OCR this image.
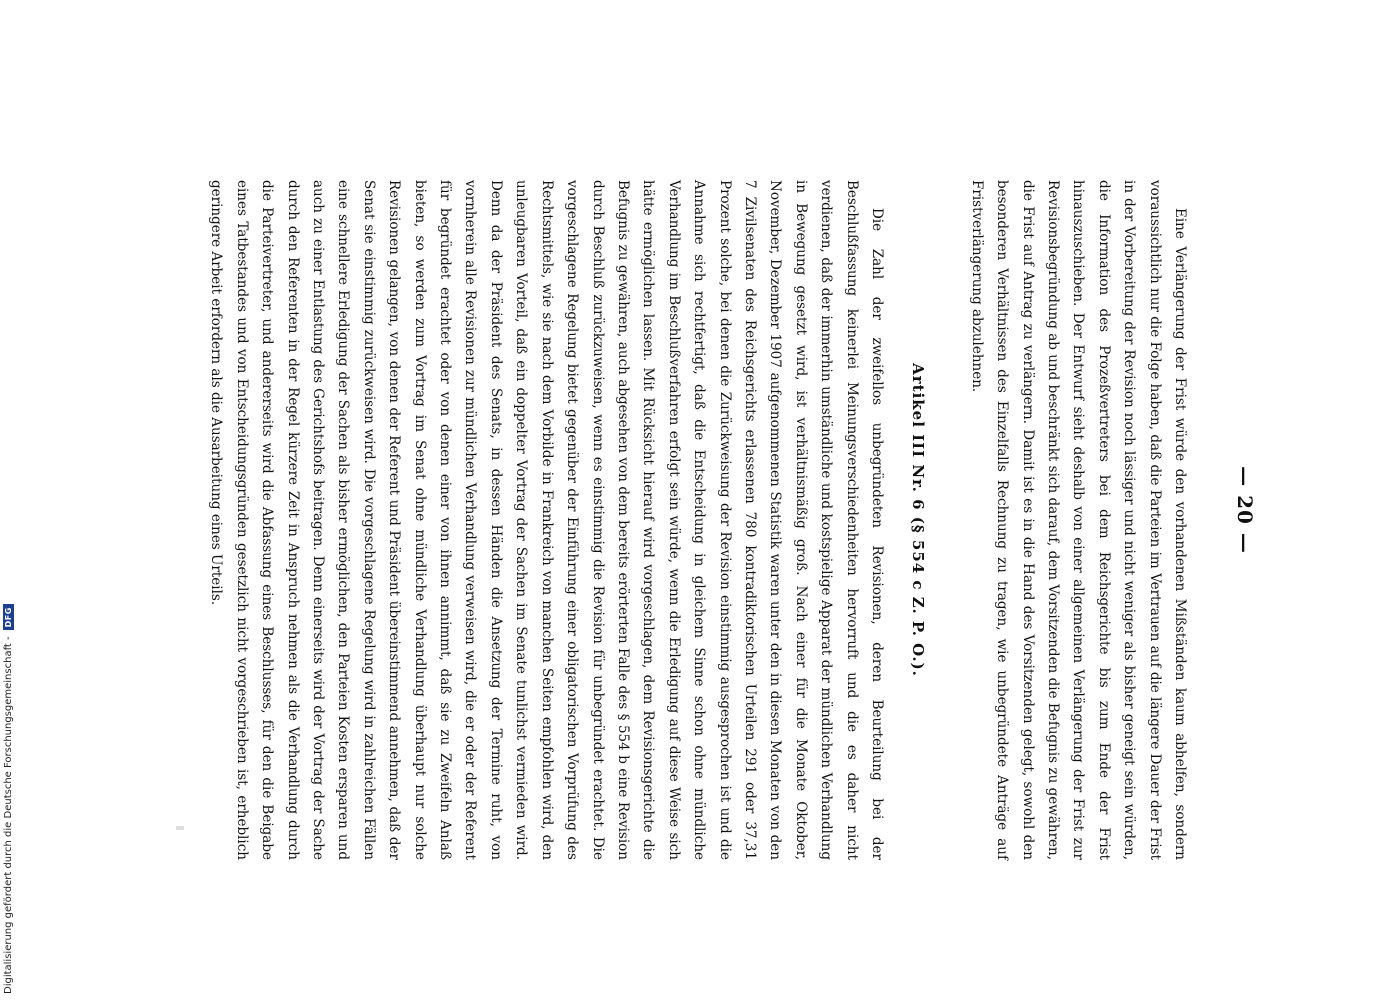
— 20 —

Eine Verlängerung der Frist würde den vorhandenen Mißständen kaum abhelfen, sondern voraussichtlich nur die Folge haben, daß die Parteien im Vertrauen auf die längere Dauer der Frist in der Vorbereitung der Revision noch lässiger und nicht weniger als bisher geneigt sein würden, die Information des Prozeßvertreters bei dem Reichsgerichte bis zum Ende der Frist hinauszuschieben. Der Entwurf sieht deshalb von einer allgemeinen Verlängerung der Frist zur Revisionsbegründung ab und beschränkt sich darauf, dem Vorsitzenden die Befugnis zu gewähren, die Frist auf Antrag zu verlängern. Damit ist es in die Hand des Vorsitzenden gelegt, sowohl den besonderen Verhältnissen des Einzelfalls Rechnung zu tragen, wie unbegründete Anträge auf Fristverlängerung abzulehnen.

Artikel III Nr. 6 (§ 554 c Z. P. O.).

Die Zahl der zweifellos unbegründeten Revisionen, deren Beurteilung bei der Beschlußfassung keinerlei Meinungsverschiedenheiten hervorruft und die es daher nicht verdienen, daß der immerhin umständliche und kostspielige Apparat der mündlichen Verhandlung in Bewegung gesetzt wird, ist verhältnismäßig groß. Nach einer für die Monate Oktober, November, Dezember 1907 aufgenommenen Statistik waren unter den in diesen Monaten von den 7 Zivilsenaten des Reichsgerichts erlassenen 780 kontradiktorischen Urteilen 291 oder 37,31 Prozent solche, bei denen die Zurückweisung der Revision einstimmig ausgesprochen ist und die Annahme sich rechtfertigt, daß die Entscheidung in gleichem Sinne schon ohne mündliche Verhandlung im Beschlußverfahren erfolgt sein würde, wenn die Erledigung auf diese Weise sich hätte ermöglichen lassen. Mit Rücksicht hierauf wird vorgeschlagen, dem Revisionsgerichte die Befugnis zu gewähren, auch abgesehen von dem bereits erörterten Falle des § 554 b eine Revision durch Beschluß zurückzuweisen, wenn es einstimmig die Revision für unbegründet erachtet. Die vorgeschlagene Regelung bietet gegenüber der Einführung einer obligatorischen Vorprüfung des Rechtsmittels, wie sie nach dem Vorbilde in Frankreich von manchen Seiten empfohlen wird, den unleugbaren Vorteil, daß ein doppelter Vortrag der Sachen im Senate tunlichst vermieden wird. Denn da der Präsident des Senats, in dessen Händen die Ansetzung der Termine ruht, von vornherein alle Revisionen zur mündlichen Verhandlung verweisen wird, die er oder der Referent für begründet erachtet oder von denen einer von ihnen annimmt, daß sie zu Zweifeln Anlaß bieten, so werden zum Vortrag im Senat ohne mündliche Verhandlung überhaupt nur solche Revisionen gelangen, von denen der Referent und Präsident übereinstimmend annehmen, daß der Senat sie einstimmig zurückweisen wird. Die vorgeschlagene Regelung wird in zahlreichen Fällen eine schnellere Erledigung der Sachen als bisher ermöglichen, den Parteien Kosten ersparen und auch zu einer Entlastung des Gerichtshofs beitragen. Denn einerseits wird der Vortrag der Sache durch den Referenten in der Regel kürzere Zeit in Anspruch nehmen als die Verhandlung durch die Parteivertreter, und andererseits wird die Abfassung eines Beschlusses, für den die Beigabe eines Tatbestandes und von Entscheidungsgründen gesetzlich nicht vorgeschrieben ist, erheblich geringere Arbeit erfordern als die Ausarbeitung eines Urteils.

Digitalisierung gefördert durch die Deutsche Forschungsgemeinschaft -
DFG
